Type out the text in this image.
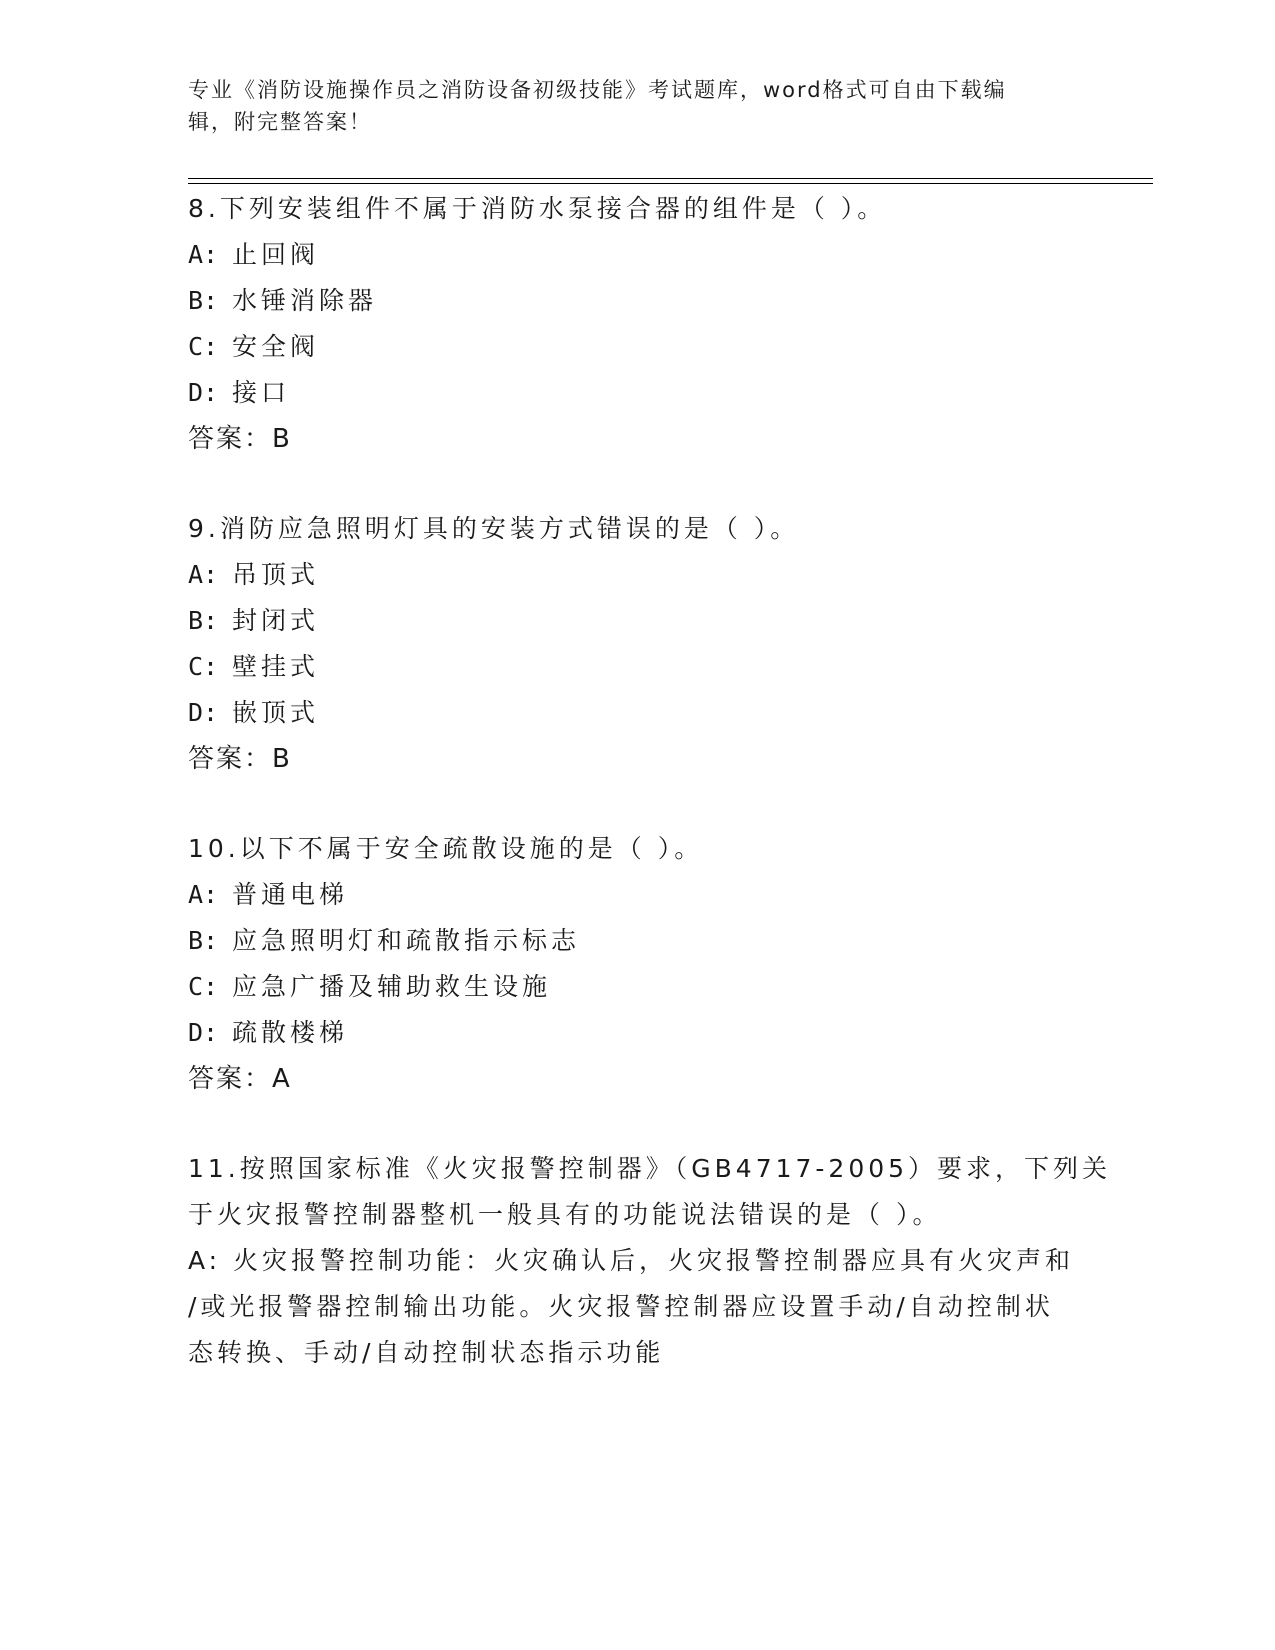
专业《消防设施操作员之消防设备初级技能》考试题库，word格式可自由下载编
辑，附完整答案！
8.下列安装组件不属于消防水泵接合器的组件是（ ）。
A: 止回阀
B: 水锤消除器
C: 安全阀
D: 接口
答案：B
9.消防应急照明灯具的安装方式错误的是（ ）。
A: 吊顶式
B: 封闭式
C: 壁挂式
D: 嵌顶式
答案：B
10.以下不属于安全疏散设施的是（ ）。
A: 普通电梯
B: 应急照明灯和疏散指示标志
C: 应急广播及辅助救生设施
D: 疏散楼梯
答案：A
11.按照国家标准《火灾报警控制器》（GB4717-2005）要求，下列关
于火灾报警控制器整机一般具有的功能说法错误的是（ ）。
A: 火灾报警控制功能：火灾确认后，火灾报警控制器应具有火灾声和
/或光报警器控制输出功能。火灾报警控制器应设置手动/自动控制状
态转换、手动/自动控制状态指示功能
